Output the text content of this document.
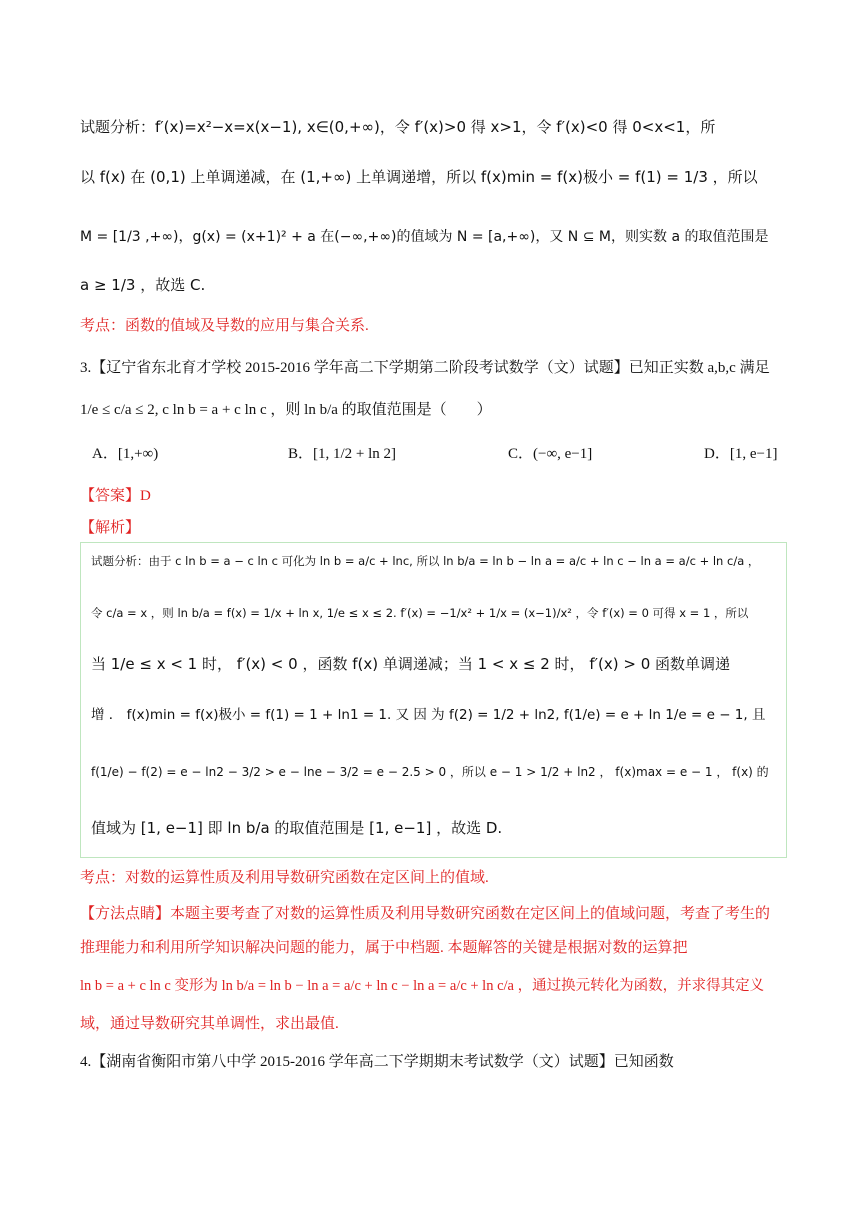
试题分析：f′(x)=x²−x=x(x−1), x∈(0,+∞)，令 f′(x)>0 得 x>1，令 f′(x)<0 得 0<x<1，所
以 f(x) 在 (0,1) 上单调递减，在 (1,+∞) 上单调递增，所以 f(x)min = f(x)极小 = f(1) = 1/3 ，所以
M = [1/3 ,+∞)，g(x) = (x+1)² + a 在(−∞,+∞)的值域为 N = [a,+∞)，又 N ⊆ M，则实数 a 的取值范围是
a ≥ 1/3 ，故选 C.
考点：函数的值域及导数的应用与集合关系.
3.【辽宁省东北育才学校 2015-2016 学年高二下学期第二阶段考试数学（文）试题】已知正实数 a,b,c 满足
1/e ≤ c/a ≤ 2, c ln b = a + c ln c ，则 ln b/a 的取值范围是（　　）
A．[1,+∞)	B．[1, 1/2 + ln 2]	C．(−∞, e−1]	D．[1, e−1]
【答案】D
【解析】
试题分析：由于 c ln b = a − c ln c 可化为 ln b = a/c + lnc, 所以 ln b/a = ln b − ln a = a/c + ln c − ln a = a/c + ln c/a ，
令 c/a = x ，则 ln b/a = f(x) = 1/x + ln x, 1/e ≤ x ≤ 2. f′(x) = −1/x² + 1/x = (x−1)/x² ，令 f′(x) = 0 可得 x = 1 ，所以
当 1/e ≤ x < 1 时， f′(x) < 0 ，函数 f(x) 单调递减；当 1 < x ≤ 2 时， f′(x) > 0 函数单调递
增 ． f(x)min = f(x)极小 = f(1) = 1 + ln1 = 1. 又 因 为 f(2) = 1/2 + ln2, f(1/e) = e + ln 1/e = e − 1, 且
f(1/e) − f(2) = e − ln2 − 3/2 > e − lne − 3/2 = e − 2.5 > 0 ，所以 e − 1 > 1/2 + ln2 ， f(x)max = e − 1 ， f(x) 的
值域为 [1, e−1] 即 ln b/a 的取值范围是 [1, e−1] ，故选 D.
考点：对数的运算性质及利用导数研究函数在定区间上的值域.
【方法点睛】本题主要考查了对数的运算性质及利用导数研究函数在定区间上的值域问题，考查了考生的
推理能力和利用所学知识解决问题的能力，属于中档题. 本题解答的关键是根据对数的运算把
ln b = a + c ln c 变形为 ln b/a = ln b − ln a = a/c + ln c − ln a = a/c + ln c/a ，通过换元转化为函数，并求得其定义
域，通过导数研究其单调性，求出最值.
4.【湖南省衡阳市第八中学 2015-2016 学年高二下学期期末考试数学（文）试题】已知函数
